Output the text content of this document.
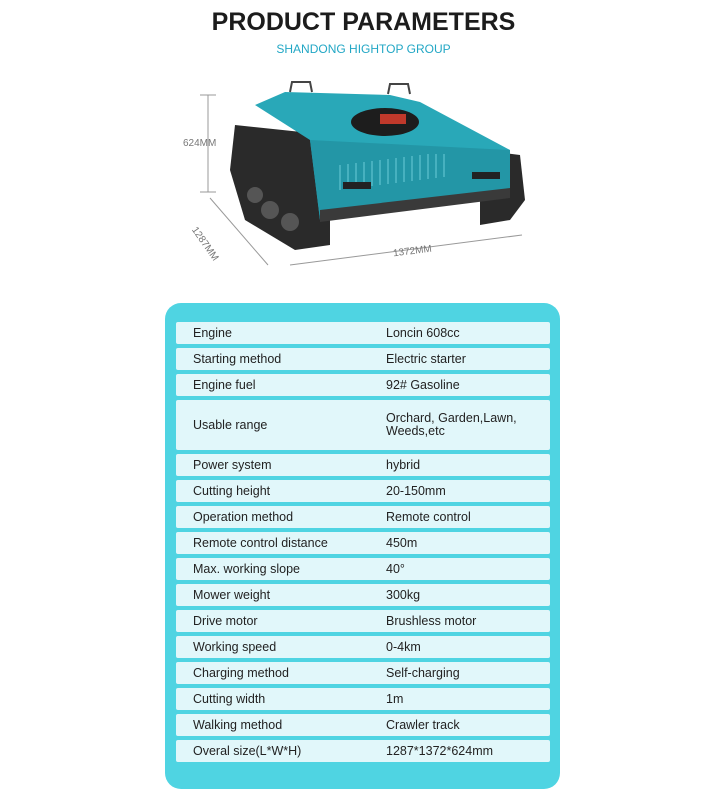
PRODUCT PARAMETERS
SHANDONG HIGHTOP GROUP
624MM
1287MM	1372MM
Engine	Loncin 608cc
Starting method	Electric starter
Engine fuel	92# Gasoline
Usable range	Orchard, Garden,Lawn, Weeds,etc
Power system	hybrid
Cutting height	20-150mm
Operation method	Remote control
Remote control distance	450m
Max. working slope	40°
Mower weight	300kg
Drive motor	Brushless motor
Working speed	0-4km
Charging method	Self-charging
Cutting width	1m
Walking method	Crawler track
Overal size(L*W*H)	1287*1372*624mm
